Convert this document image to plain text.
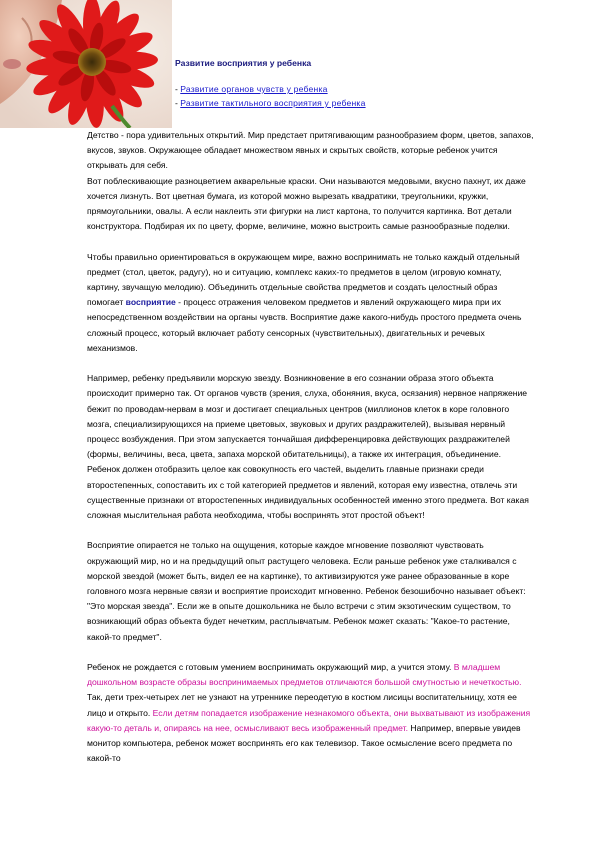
Развитие восприятия у ребенка
- Развитие органов чувств у ребенка
- Развитие тактильного восприятия у ребенка

Детство - пора удивительных открытий. Мир предстает притягивающим разнообразием форм, цветов, запахов, вкусов, звуков. Окружающее обладает множеством явных и скрытых свойств, которые ребенок учится открывать для себя.

Вот поблескивающие разноцветием акварельные краски. Они называются медовыми, вкусно пахнут, их даже хочется лизнуть. Вот цветная бумага, из которой можно вырезать квадратики, треугольники, кружки, прямоугольники, овалы. А если наклеить эти фигурки на лист картона, то получится картинка. Вот детали конструктора. Подбирая их по цвету, форме, величине, можно выстроить самые разнообразные поделки.

Чтобы правильно ориентироваться в окружающем мире, важно воспринимать не только каждый отдельный предмет (стол, цветок, радугу), но и ситуацию, комплекс каких-то предметов в целом (игровую комнату, картину, звучащую мелодию). Объединить отдельные свойства предметов и создать целостный образ помогает восприятие - процесс отражения человеком предметов и явлений окружающего мира при их непосредственном воздействии на органы чувств. Восприятие даже какого-нибудь простого предмета очень сложный процесс, который включает работу сенсорных (чувствительных), двигательных и речевых механизмов.

Например, ребенку предъявили морскую звезду. Возникновение в его сознании образа этого объекта происходит примерно так. От органов чувств (зрения, слуха, обоняния, вкуса, осязания) нервное напряжение бежит по проводам-нервам в мозг и достигает специальных центров (миллионов клеток в коре головного мозга, специализирующихся на приеме цветовых, звуковых и других раздражителей), вызывая нервный процесс возбуждения. При этом запускается тончайшая дифференцировка действующих раздражителей (формы, величины, веса, цвета, запаха морской обитательницы), а также их интеграция, объединение. Ребенок должен отобразить целое как совокупность его частей, выделить главные признаки среди второстепенных, сопоставить их с той категорией предметов и явлений, которая ему известна, отвлечь эти существенные признаки от второстепенных индивидуальных особенностей именно этого предмета. Вот какая сложная мыслительная работа необходима, чтобы воспринять этот простой объект!

Восприятие опирается не только на ощущения, которые каждое мгновение позволяют чувствовать окружающий мир, но и на предыдущий опыт растущего человека. Если раньше ребенок уже сталкивался с морской звездой (может быть, видел ее на картинке), то активизируются уже ранее образованные в коре головного мозга нервные связи и восприятие происходит мгновенно. Ребенок безошибочно называет объект: "Это морская звезда". Если же в опыте дошкольника не было встречи с этим экзотическим существом, то возникающий образ объекта будет нечетким, расплывчатым. Ребенок может сказать: "Какое-то растение, какой-то предмет".

Ребенок не рождается с готовым умением воспринимать окружающий мир, а учится этому. В младшем дошкольном возрасте образы воспринимаемых предметов отличаются большой смутностью и нечеткостью. Так, дети трех-четырех лет не узнают на утреннике переодетую в костюм лисицы воспитательницу, хотя ее лицо и открыто. Если детям попадается изображение незнакомого объекта, они выхватывают из изображения какую-то деталь и, опираясь на нее, осмысливают весь изображенный предмет. Например, впервые увидев монитор компьютера, ребенок может воспринять его как телевизор. Такое осмысление всего предмета по какой-то
